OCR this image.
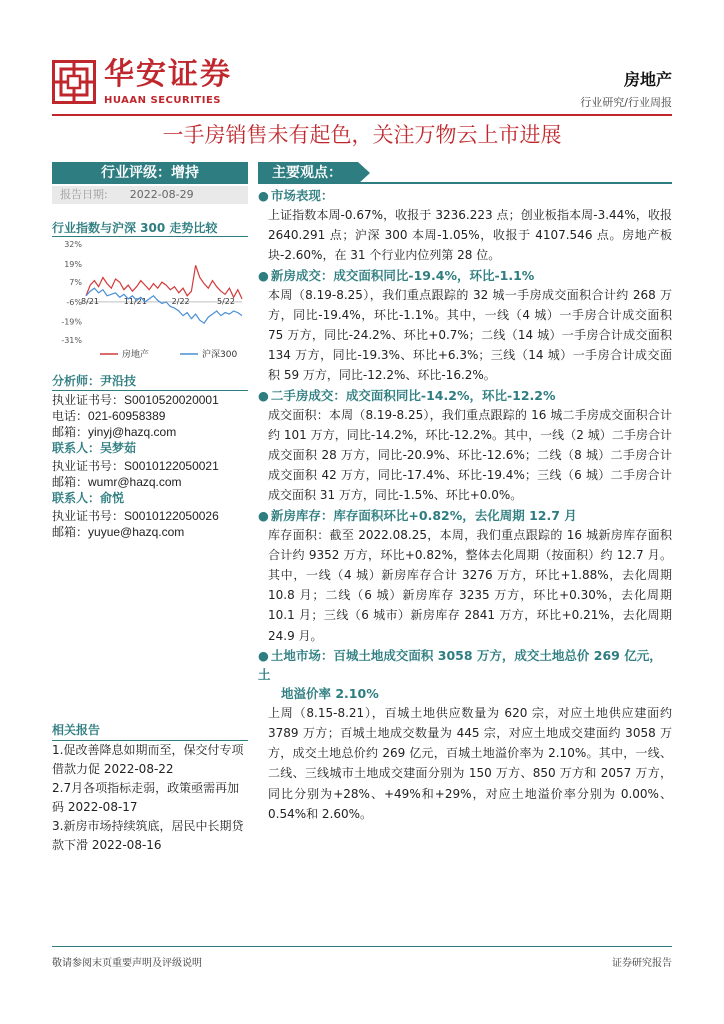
华安证券
HUAAN SECURITIES
房地产
行业研究/行业周报
一手房销售未有起色，关注万物云上市进展
行业评级：增持
报告日期: 2022-08-29
行业指数与沪深 300 走势比较
32%
19%
7%
-6%
-19%
-31%
8/21	11/21	2/22	5/22
房地产	沪深300
分析师：尹沿技
执业证书号：S0010520020001
电话：021-60958389
邮箱：yinyj@hazq.com
联系人：吴梦茹
执业证书号：S0010122050021
邮箱：wumr@hazq.com
联系人：俞悦
执业证书号：S0010122050026
邮箱：yuyue@hazq.com
相关报告
1.促改善降息如期而至，保交付专项借款力促 2022-08-22
2.7月各项指标走弱，政策亟需再加码 2022-08-17
3.新房市场持续筑底，居民中长期贷款下滑 2022-08-16
主要观点：
● 市场表现：
上证指数本周-0.67%，收报于 3236.223 点；创业板指本周-3.44%，收报 2640.291 点；沪深 300 本周-1.05%，收报于 4107.546 点。房地产板块-2.60%，在 31 个行业内位列第 28 位。
● 新房成交：成交面积同比-19.4%，环比-1.1%
本周（8.19-8.25），我们重点跟踪的 32 城一手房成交面积合计约 268 万方，同比-19.4%，环比-1.1%。其中，一线（4 城）一手房合计成交面积 75 万方，同比-24.2%、环比+0.7%；二线（14 城）一手房合计成交面积 134 万方，同比-19.3%、环比+6.3%；三线（14 城）一手房合计成交面积 59 万方，同比-12.2%、环比-16.2%。
● 二手房成交：成交面积同比-14.2%，环比-12.2%
成交面积：本周（8.19-8.25），我们重点跟踪的 16 城二手房成交面积合计约 101 万方，同比-14.2%，环比-12.2%。其中，一线（2 城）二手房合计成交面积 28 万方，同比-20.9%、环比-12.6%；二线（8 城）二手房合计成交面积 42 万方，同比-17.4%、环比-19.4%；三线（6 城）二手房合计成交面积 31 万方，同比-1.5%、环比+0.0%。
● 新房库存：库存面积环比+0.82%，去化周期 12.7 月
库存面积：截至 2022.08.25，本周，我们重点跟踪的 16 城新房库存面积合计约 9352 万方，环比+0.82%，整体去化周期（按面积）约 12.7 月。其中，一线（4 城）新房库存合计 3276 万方，环比+1.88%，去化周期 10.8 月；二线（6 城）新房库存 3235 万方，环比+0.30%，去化周期 10.1 月；三线（6 城市）新房库存 2841 万方，环比+0.21%，去化周期 24.9 月。
● 土地市场：百城土地成交面积 3058 万方，成交土地总价 269 亿元，土
地溢价率 2.10%
上周（8.15-8.21），百城土地供应数量为 620 宗，对应土地供应建面约 3789 万方；百城土地成交数量为 445 宗，对应土地成交建面约 3058 万方，成交土地总价约 269 亿元，百城土地溢价率为 2.10%。其中，一线、二线、三线城市土地成交建面分别为 150 万方、850 万方和 2057 万方，同比分别为+28%、+49%和+29%，对应土地溢价率分别为 0.00%、0.54%和 2.60%。
敬请参阅末页重要声明及评级说明	证券研究报告
